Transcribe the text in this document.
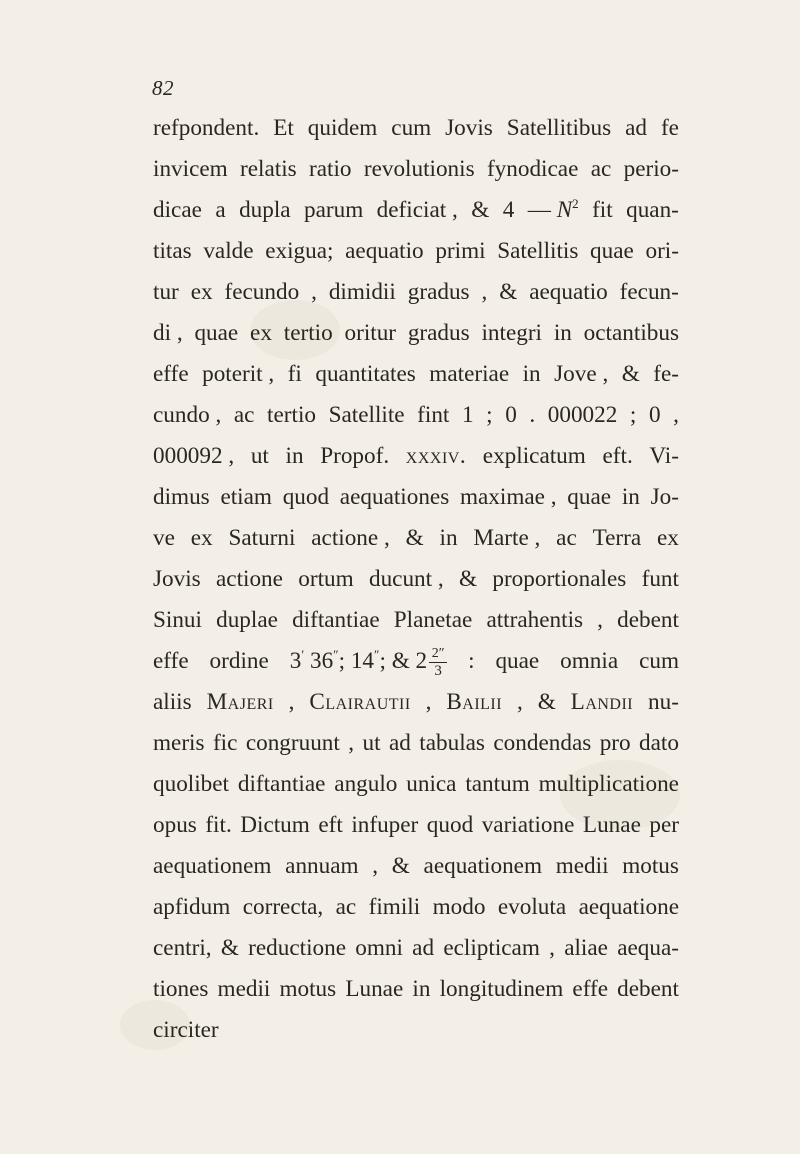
82
refpondent. Et quidem cum Jovis Satellitibus ad fe
invicem relatis ratio revolutionis fynodicae ac perio-
dicae a dupla parum deficiat , & 4 — $N^2$ fit quan-
titas valde exigua; aequatio primi Satellitis quae ori-
tur ex fecundo , dimidii gradus , & aequatio fecun-
di , quae ex tertio oritur gradus integri in octantibus
effe poterit , fi quantitates materiae in Jove , & fe-
cundo , ac tertio Satellite fint 1 ; 0 . 000022 ; 0 ,
000092 , ut in Propof. xxxiv. explicatum eft. Vi-
dimus etiam quod aequationes maximae , quae in Jo-
ve ex Saturni actione , & in Marte , ac Terra ex
Jovis actione ortum ducunt , & proportionales funt
Sinui duplae diftantiae Planetae attrahentis , debent
effe ordine 3′ 36″; 14″; & $2 \frac{2''}{3}$ : quae omnia cum
aliis Majeri , Clairautii , Bailii , & Landii nu-
meris fic congruunt , ut ad tabulas condendas pro dato
quolibet diftantiae angulo unica tantum multiplicatione
opus fit. Dictum eft infuper quod variatione Lunae per
aequationem annuam , & aequationem medii motus
apfidum correcta, ac fimili modo evoluta aequatione
centri, & reductione omni ad eclipticam , aliae aequa-
tiones medii motus Lunae in longitudinem effe debent
circiter
